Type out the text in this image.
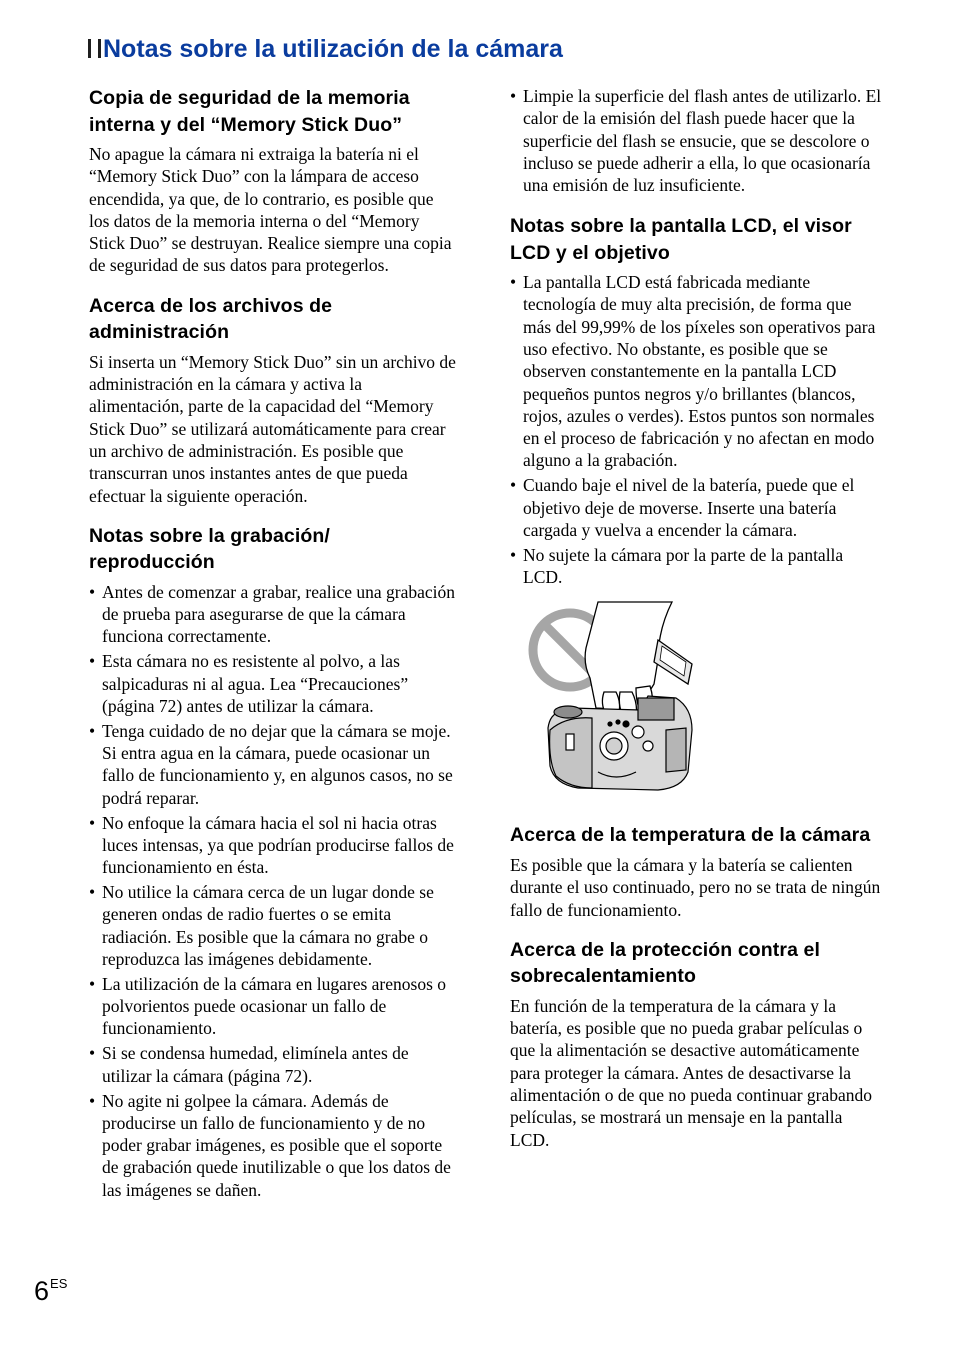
Notas sobre la utilización de la cámara
Copia de seguridad de la memoria interna y del “Memory Stick Duo”

No apague la cámara ni extraiga la batería ni el “Memory Stick Duo” con la lámpara de acceso encendida, ya que, de lo contrario, es posible que los datos de la memoria interna o del “Memory Stick Duo” se destruyan. Realice siempre una copia de seguridad de sus datos para protegerlos.

Acerca de los archivos de administración

Si inserta un “Memory Stick Duo” sin un archivo de administración en la cámara y activa la alimentación, parte de la capacidad del “Memory Stick Duo” se utilizará automáticamente para crear un archivo de administración. Es posible que transcurran unos instantes antes de que pueda efectuar la siguiente operación.

Notas sobre la grabación/ reproducción
• Antes de comenzar a grabar, realice una grabación de prueba para asegurarse de que la cámara funciona correctamente.
• Esta cámara no es resistente al polvo, a las salpicaduras ni al agua. Lea “Precauciones” (página 72) antes de utilizar la cámara.
• Tenga cuidado de no dejar que la cámara se moje. Si entra agua en la cámara, puede ocasionar un fallo de funcionamiento y, en algunos casos, no se podrá reparar.
• No enfoque la cámara hacia el sol ni hacia otras luces intensas, ya que podrían producirse fallos de funcionamiento en ésta.
• No utilice la cámara cerca de un lugar donde se generen ondas de radio fuertes o se emita radiación. Es posible que la cámara no grabe o reproduzca las imágenes debidamente.
• La utilización de la cámara en lugares arenosos o polvorientos puede ocasionar un fallo de funcionamiento.
• Si se condensa humedad, elimínela antes de utilizar la cámara (página 72).
• No agite ni golpee la cámara. Además de producirse un fallo de funcionamiento y de no poder grabar imágenes, es posible que el soporte de grabación quede inutilizable o que los datos de las imágenes se dañen.
• Limpie la superficie del flash antes de utilizarlo. El calor de la emisión del flash puede hacer que la superficie del flash se ensucie, que se descolore o incluso se puede adherir a ella, lo que ocasionaría una emisión de luz insuficiente.
Notas sobre la pantalla LCD, el visor LCD y el objetivo
• La pantalla LCD está fabricada mediante tecnología de muy alta precisión, de forma que más del 99,99% de los píxeles son operativos para uso efectivo. No obstante, es posible que se observen constantemente en la pantalla LCD pequeños puntos negros y/o brillantes (blancos, rojos, azules o verdes). Estos puntos son normales en el proceso de fabricación y no afectan en modo alguno a la grabación.
• Cuando baje el nivel de la batería, puede que el objetivo deje de moverse. Inserte una batería cargada y vuelva a encender la cámara.
• No sujete la cámara por la parte de la pantalla LCD.
Acerca de la temperatura de la cámara

Es posible que la cámara y la batería se calienten durante el uso continuado, pero no se trata de ningún fallo de funcionamiento.

Acerca de la protección contra el sobrecalentamiento

En función de la temperatura de la cámara y la batería, es posible que no pueda grabar películas o que la alimentación se desactive automáticamente para proteger la cámara. Antes de desactivarse la alimentación o de que no pueda continuar grabando películas, se mostrará un mensaje en la pantalla LCD.

$6^{ES}$
